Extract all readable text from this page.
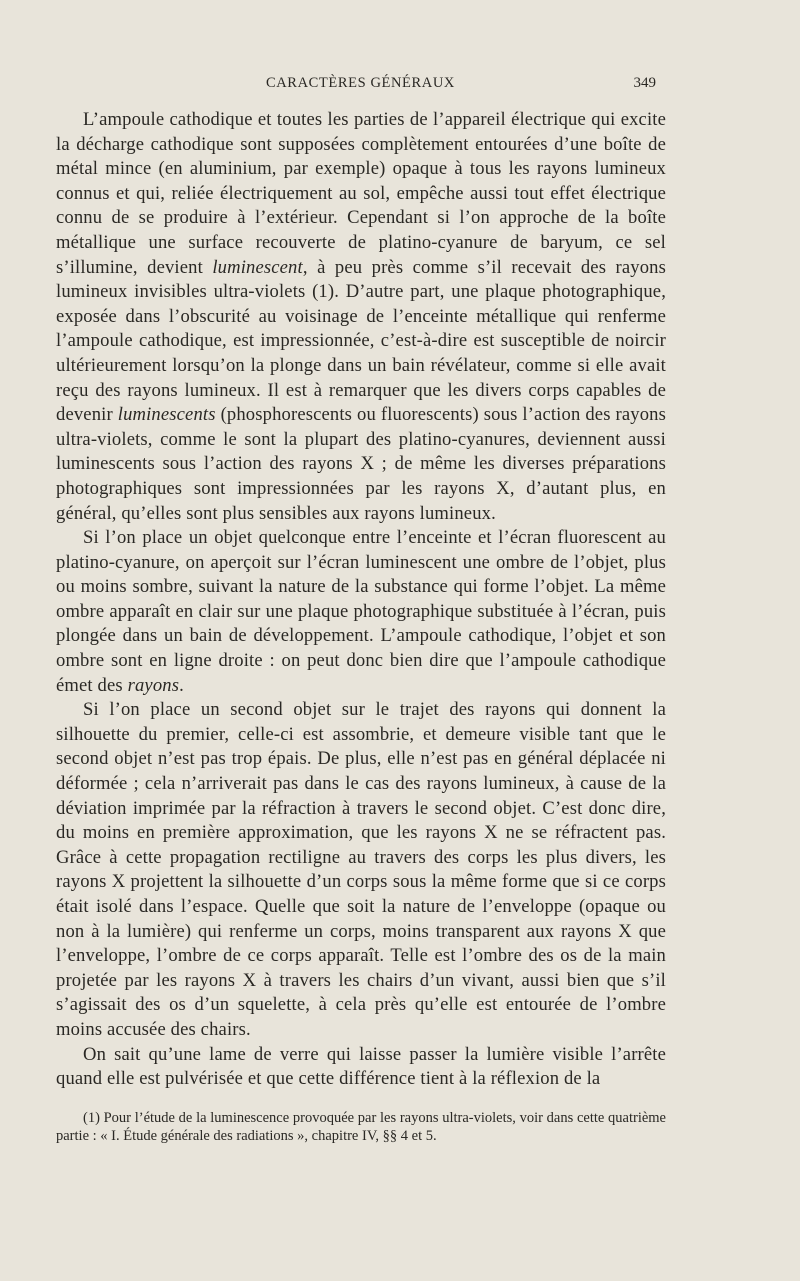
CARACTÈRES GÉNÉRAUX	349

L’ampoule cathodique et toutes les parties de l’appareil électrique qui excite la décharge cathodique sont supposées complètement entourées d’une boîte de métal mince (en aluminium, par exemple) opaque à tous les rayons lumineux connus et qui, reliée électriquement au sol, empêche aussi tout effet électrique connu de se produire à l’extérieur. Cependant si l’on approche de la boîte métallique une surface recouverte de platino-cyanure de baryum, ce sel s’illumine, devient luminescent, à peu près comme s’il recevait des rayons lumineux invisibles ultra-violets (1). D’autre part, une plaque photographique, exposée dans l’obscurité au voisinage de l’enceinte métallique qui renferme l’ampoule cathodique, est impressionnée, c’est-à-dire est susceptible de noircir ultérieurement lorsqu’on la plonge dans un bain révélateur, comme si elle avait reçu des rayons lumineux. Il est à remarquer que les divers corps capables de devenir luminescents (phosphorescents ou fluorescents) sous l’action des rayons ultra-violets, comme le sont la plupart des platino-cyanures, deviennent aussi luminescents sous l’action des rayons X ; de même les diverses préparations photographiques sont impressionnées par les rayons X, d’autant plus, en général, qu’elles sont plus sensibles aux rayons lumineux.

Si l’on place un objet quelconque entre l’enceinte et l’écran fluorescent au platino-cyanure, on aperçoit sur l’écran luminescent une ombre de l’objet, plus ou moins sombre, suivant la nature de la substance qui forme l’objet. La même ombre apparaît en clair sur une plaque photographique substituée à l’écran, puis plongée dans un bain de développement. L’ampoule cathodique, l’objet et son ombre sont en ligne droite : on peut donc bien dire que l’ampoule cathodique émet des rayons.

Si l’on place un second objet sur le trajet des rayons qui donnent la silhouette du premier, celle-ci est assombrie, et demeure visible tant que le second objet n’est pas trop épais. De plus, elle n’est pas en général déplacée ni déformée ; cela n’arriverait pas dans le cas des rayons lumineux, à cause de la déviation imprimée par la réfraction à travers le second objet. C’est donc dire, du moins en première approximation, que les rayons X ne se réfractent pas. Grâce à cette propagation rectiligne au travers des corps les plus divers, les rayons X projettent la silhouette d’un corps sous la même forme que si ce corps était isolé dans l’espace. Quelle que soit la nature de l’enveloppe (opaque ou non à la lumière) qui renferme un corps, moins transparent aux rayons X que l’enveloppe, l’ombre de ce corps apparaît. Telle est l’ombre des os de la main projetée par les rayons X à travers les chairs d’un vivant, aussi bien que s’il s’agissait des os d’un squelette, à cela près qu’elle est entourée de l’ombre moins accusée des chairs.

On sait qu’une lame de verre qui laisse passer la lumière visible l’arrête quand elle est pulvérisée et que cette différence tient à la réflexion de la

(1) Pour l’étude de la luminescence provoquée par les rayons ultra-violets, voir dans cette quatrième partie : « I. Étude générale des radiations », chapitre IV, §§ 4 et 5.
